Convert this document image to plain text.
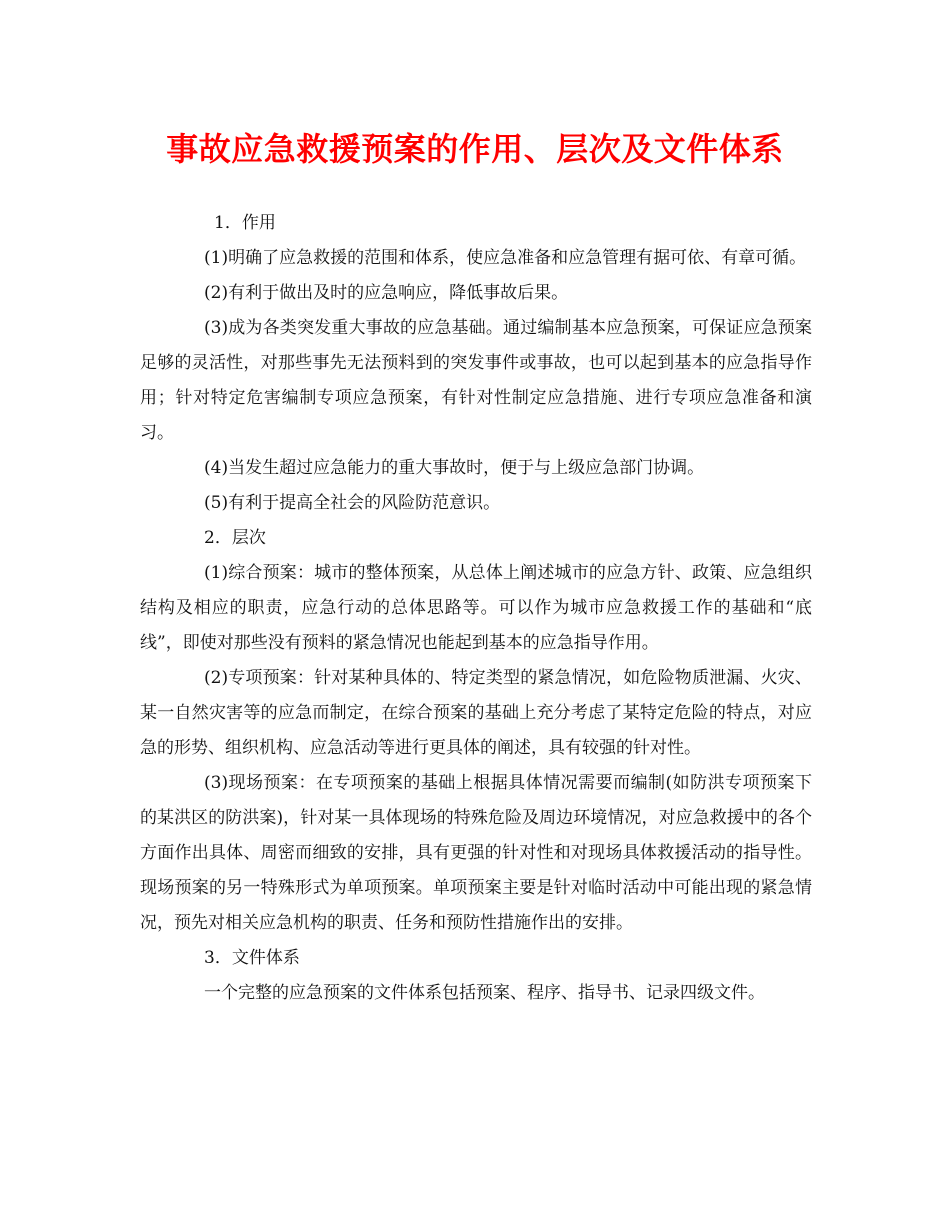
事故应急救援预案的作用、层次及文件体系

1．作用

(1)明确了应急救援的范围和体系，使应急准备和应急管理有据可依、有章可循。

(2)有利于做出及时的应急响应，降低事故后果。

(3)成为各类突发重大事故的应急基础。通过编制基本应急预案，可保证应急预案足够的灵活性，对那些事先无法预料到的突发事件或事故，也可以起到基本的应急指导作用；针对特定危害编制专项应急预案，有针对性制定应急措施、进行专项应急准备和演习。

(4)当发生超过应急能力的重大事故时，便于与上级应急部门协调。

(5)有利于提高全社会的风险防范意识。

2．层次

(1)综合预案：城市的整体预案，从总体上阐述城市的应急方针、政策、应急组织结构及相应的职责，应急行动的总体思路等。可以作为城市应急救援工作的基础和“底线”，即使对那些没有预料的紧急情况也能起到基本的应急指导作用。

(2)专项预案：针对某种具体的、特定类型的紧急情况，如危险物质泄漏、火灾、某一自然灾害等的应急而制定，在综合预案的基础上充分考虑了某特定危险的特点，对应急的形势、组织机构、应急活动等进行更具体的阐述，具有较强的针对性。

(3)现场预案：在专项预案的基础上根据具体情况需要而编制(如防洪专项预案下的某洪区的防洪案)，针对某一具体现场的特殊危险及周边环境情况，对应急救援中的各个方面作出具体、周密而细致的安排，具有更强的针对性和对现场具体救援活动的指导性。现场预案的另一特殊形式为单项预案。单项预案主要是针对临时活动中可能出现的紧急情况，预先对相关应急机构的职责、任务和预防性措施作出的安排。

3．文件体系

一个完整的应急预案的文件体系包括预案、程序、指导书、记录四级文件。
